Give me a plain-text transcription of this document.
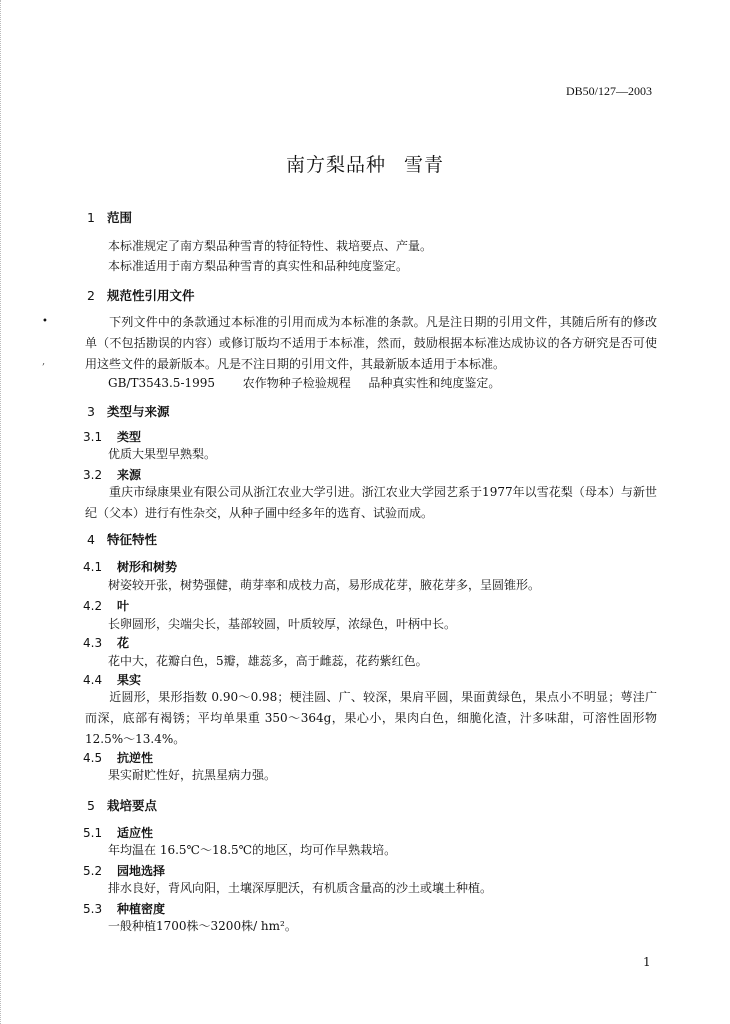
DB50/127—2003
南方梨品种 雪青
1 范围
本标准规定了南方梨品种雪青的特征特性、栽培要点、产量。
本标准适用于南方梨品种雪青的真实性和品种纯度鉴定。
2 规范性引用文件
•	下列文件中的条款通过本标准的引用而成为本标准的条款。凡是注日期的引用文件，其随后所有的修改单（不包括勘误的内容）或修订版均不适用于本标准，然而，鼓励根据本标准达成协议的各方研究是否可使用这些文件的最新版本。凡是不注日期的引用文件，其最新版本适用于本标准。
,
GB/T3543.5-1995 农作物种子检验规程 品种真实性和纯度鉴定。
3 类型与来源
3.1 类型
优质大果型早熟梨。
3.2 来源
重庆市绿康果业有限公司从浙江农业大学引进。浙江农业大学园艺系于1977年以雪花梨（母本）与新世纪（父本）进行有性杂交，从种子圃中经多年的选育、试验而成。
4 特征特性
4.1 树形和树势
树姿较开张，树势强健，萌芽率和成枝力高，易形成花芽，腋花芽多，呈圆锥形。
4.2 叶
长卵圆形，尖端尖长，基部较圆，叶质较厚，浓绿色，叶柄中长。
4.3 花
花中大，花瓣白色，5瓣，雄蕊多，高于雌蕊，花药紫红色。
4.4 果实
近圆形，果形指数 0.90～0.98；梗洼圆、广、较深，果肩平圆，果面黄绿色，果点小不明显；萼洼广而深，底部有褐锈；平均单果重 350～364g，果心小，果肉白色，细脆化渣，汁多味甜，可溶性固形物 12.5%～13.4%。
4.5 抗逆性
果实耐贮性好，抗黑星病力强。
5 栽培要点
5.1 适应性
年均温在 16.5℃～18.5℃的地区，均可作早熟栽培。
5.2 园地选择
排水良好，背风向阳，土壤深厚肥沃，有机质含量高的沙土或壤土种植。
5.3 种植密度
一般种植1700株～3200株/ hm²。
1
